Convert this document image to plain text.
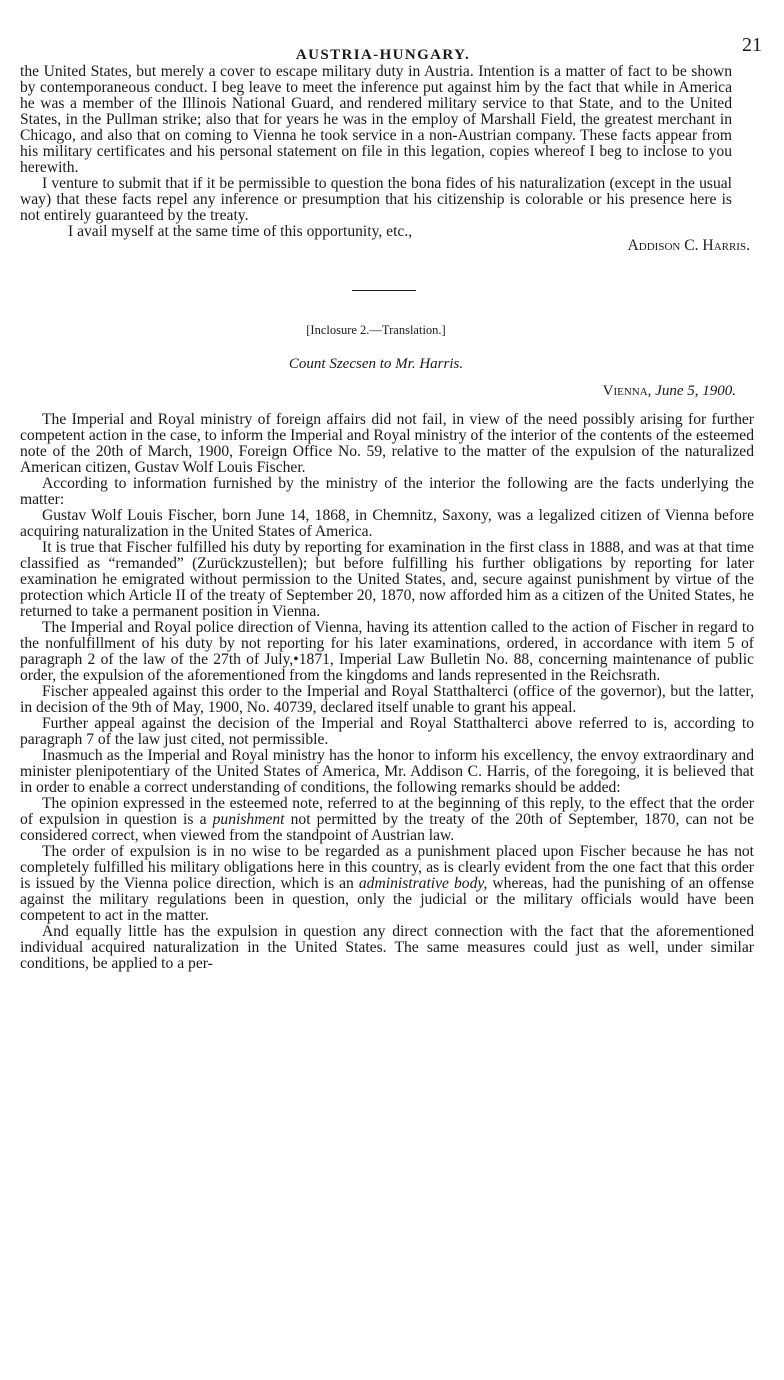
AUSTRIA-HUNGARY.	21

the United States, but merely a cover to escape military duty in Austria. Intention is a matter of fact to be shown by contemporaneous conduct. I beg leave to meet the inference put against him by the fact that while in America he was a member of the Illinois National Guard, and rendered military service to that State, and to the United States, in the Pullman strike; also that for years he was in the employ of Marshall Field, the greatest merchant in Chicago, and also that on coming to Vienna he took service in a non-Austrian company. These facts appear from his military certificates and his personal statement on file in this legation, copies whereof I beg to inclose to you herewith.

I venture to submit that if it be permissible to question the bona fides of his naturalization (except in the usual way) that these facts repel any inference or presumption that his citizenship is colorable or his presence here is not entirely guaranteed by the treaty.

I avail myself at the same time of this opportunity, etc.,

Addison C. Harris.
[Inclosure 2.—Translation.]
Count Szecsen to Mr. Harris.
Vienna, June 5, 1900.

The Imperial and Royal ministry of foreign affairs did not fail, in view of the need possibly arising for further competent action in the case, to inform the Imperial and Royal ministry of the interior of the contents of the esteemed note of the 20th of March, 1900, Foreign Office No. 59, relative to the matter of the expulsion of the naturalized American citizen, Gustav Wolf Louis Fischer.

According to information furnished by the ministry of the interior the following are the facts underlying the matter:

Gustav Wolf Louis Fischer, born June 14, 1868, in Chemnitz, Saxony, was a legalized citizen of Vienna before acquiring naturalization in the United States of America.

It is true that Fischer fulfilled his duty by reporting for examination in the first class in 1888, and was at that time classified as “remanded” (Zurückzustellen); but before fulfilling his further obligations by reporting for later examination he emigrated without permission to the United States, and, secure against punishment by virtue of the protection which Article II of the treaty of September 20, 1870, now afforded him as a citizen of the United States, he returned to take a permanent position in Vienna.

The Imperial and Royal police direction of Vienna, having its attention called to the action of Fischer in regard to the nonfulfillment of his duty by not reporting for his later examinations, ordered, in accordance with item 5 of paragraph 2 of the law of the 27th of July,•1871, Imperial Law Bulletin No. 88, concerning maintenance of public order, the expulsion of the aforementioned from the kingdoms and lands represented in the Reichsrath.

Fischer appealed against this order to the Imperial and Royal Statthalterci (office of the governor), but the latter, in decision of the 9th of May, 1900, No. 40739, declared itself unable to grant his appeal.

Further appeal against the decision of the Imperial and Royal Statthalterci above referred to is, according to paragraph 7 of the law just cited, not permissible.

Inasmuch as the Imperial and Royal ministry has the honor to inform his excellency, the envoy extraordinary and minister plenipotentiary of the United States of America, Mr. Addison C. Harris, of the foregoing, it is believed that in order to enable a correct understanding of conditions, the following remarks should be added:

The opinion expressed in the esteemed note, referred to at the beginning of this reply, to the effect that the order of expulsion in question is a punishment not permitted by the treaty of the 20th of September, 1870, can not be considered correct, when viewed from the standpoint of Austrian law.

The order of expulsion is in no wise to be regarded as a punishment placed upon Fischer because he has not completely fulfilled his military obligations here in this country, as is clearly evident from the one fact that this order is issued by the Vienna police direction, which is an administrative body, whereas, had the punishing of an offense against the military regulations been in question, only the judicial or the military officials would have been competent to act in the matter.

And equally little has the expulsion in question any direct connection with the fact that the aforementioned individual acquired naturalization in the United States. The same measures could just as well, under similar conditions, be applied to a per-
